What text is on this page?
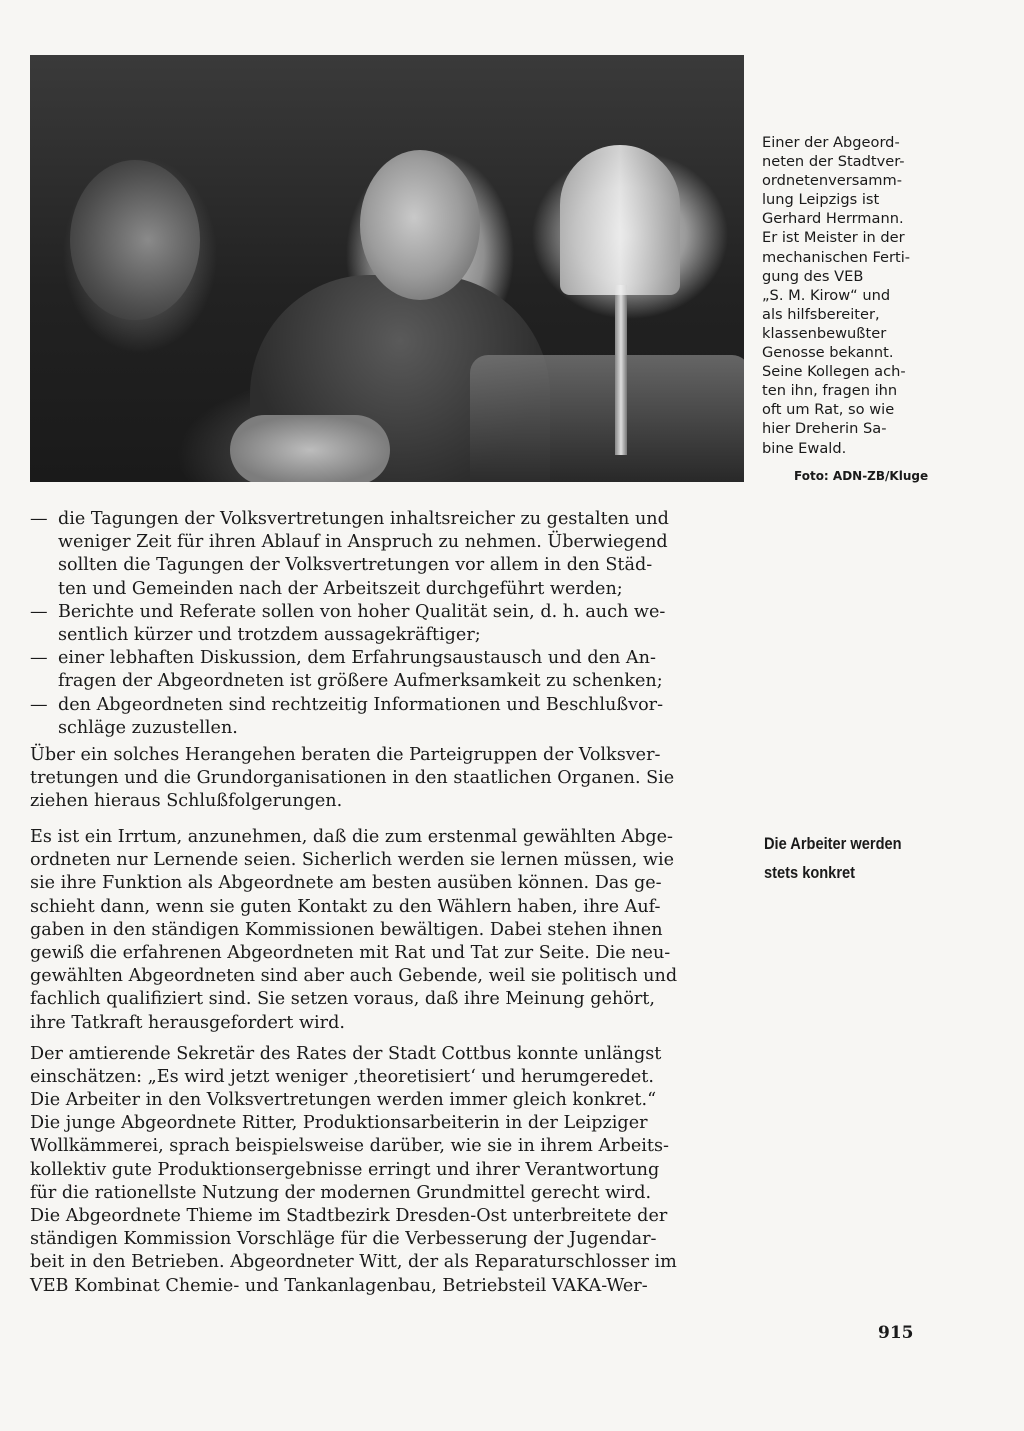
Einer der Abgeord-
neten der Stadtver-
ordnetenversamm-
lung Leipzigs ist
Gerhard Herrmann.
Er ist Meister in der
mechanischen Ferti-
gung des VEB
„S. M. Kirow“ und
als hilfsbereiter,
klassenbewußter
Genosse bekannt.
Seine Kollegen ach-
ten ihn, fragen ihn
oft um Rat, so wie
hier Dreherin Sa-
bine Ewald.
Foto: ADN-ZB/Kluge
— die Tagungen der Volksvertretungen inhaltsreicher zu gestalten und
weniger Zeit für ihren Ablauf in Anspruch zu nehmen. Überwiegend
sollten die Tagungen der Volksvertretungen vor allem in den Städ-
ten und Gemeinden nach der Arbeitszeit durchgeführt werden;
— Berichte und Referate sollen von hoher Qualität sein, d. h. auch we-
sentlich kürzer und trotzdem aussagekräftiger;
— einer lebhaften Diskussion, dem Erfahrungsaustausch und den An-
fragen der Abgeordneten ist größere Aufmerksamkeit zu schenken;
— den Abgeordneten sind rechtzeitig Informationen und Beschlußvor-
schläge zuzustellen.
Über ein solches Herangehen beraten die Parteigruppen der Volksver-
tretungen und die Grundorganisationen in den staatlichen Organen. Sie
ziehen hieraus Schlußfolgerungen.
Die Arbeiter werden
stets konkret
Es ist ein Irrtum, anzunehmen, daß die zum erstenmal gewählten Abge-
ordneten nur Lernende seien. Sicherlich werden sie lernen müssen, wie
sie ihre Funktion als Abgeordnete am besten ausüben können. Das ge-
schieht dann, wenn sie guten Kontakt zu den Wählern haben, ihre Auf-
gaben in den ständigen Kommissionen bewältigen. Dabei stehen ihnen
gewiß die erfahrenen Abgeordneten mit Rat und Tat zur Seite. Die neu-
gewählten Abgeordneten sind aber auch Gebende, weil sie politisch und
fachlich qualifiziert sind. Sie setzen voraus, daß ihre Meinung gehört,
ihre Tatkraft herausgefordert wird.
Der amtierende Sekretär des Rates der Stadt Cottbus konnte unlängst
einschätzen: „Es wird jetzt weniger ‚theoretisiert‘ und herumgeredet.
Die Arbeiter in den Volksvertretungen werden immer gleich konkret.“
Die junge Abgeordnete Ritter, Produktionsarbeiterin in der Leipziger
Wollkämmerei, sprach beispielsweise darüber, wie sie in ihrem Arbeits-
kollektiv gute Produktionsergebnisse erringt und ihrer Verantwortung
für die rationellste Nutzung der modernen Grundmittel gerecht wird.
Die Abgeordnete Thieme im Stadtbezirk Dresden-Ost unterbreitete der
ständigen Kommission Vorschläge für die Verbesserung der Jugendar-
beit in den Betrieben. Abgeordneter Witt, der als Reparaturschlosser im
VEB Kombinat Chemie- und Tankanlagenbau, Betriebsteil VAKA-Wer-
915
